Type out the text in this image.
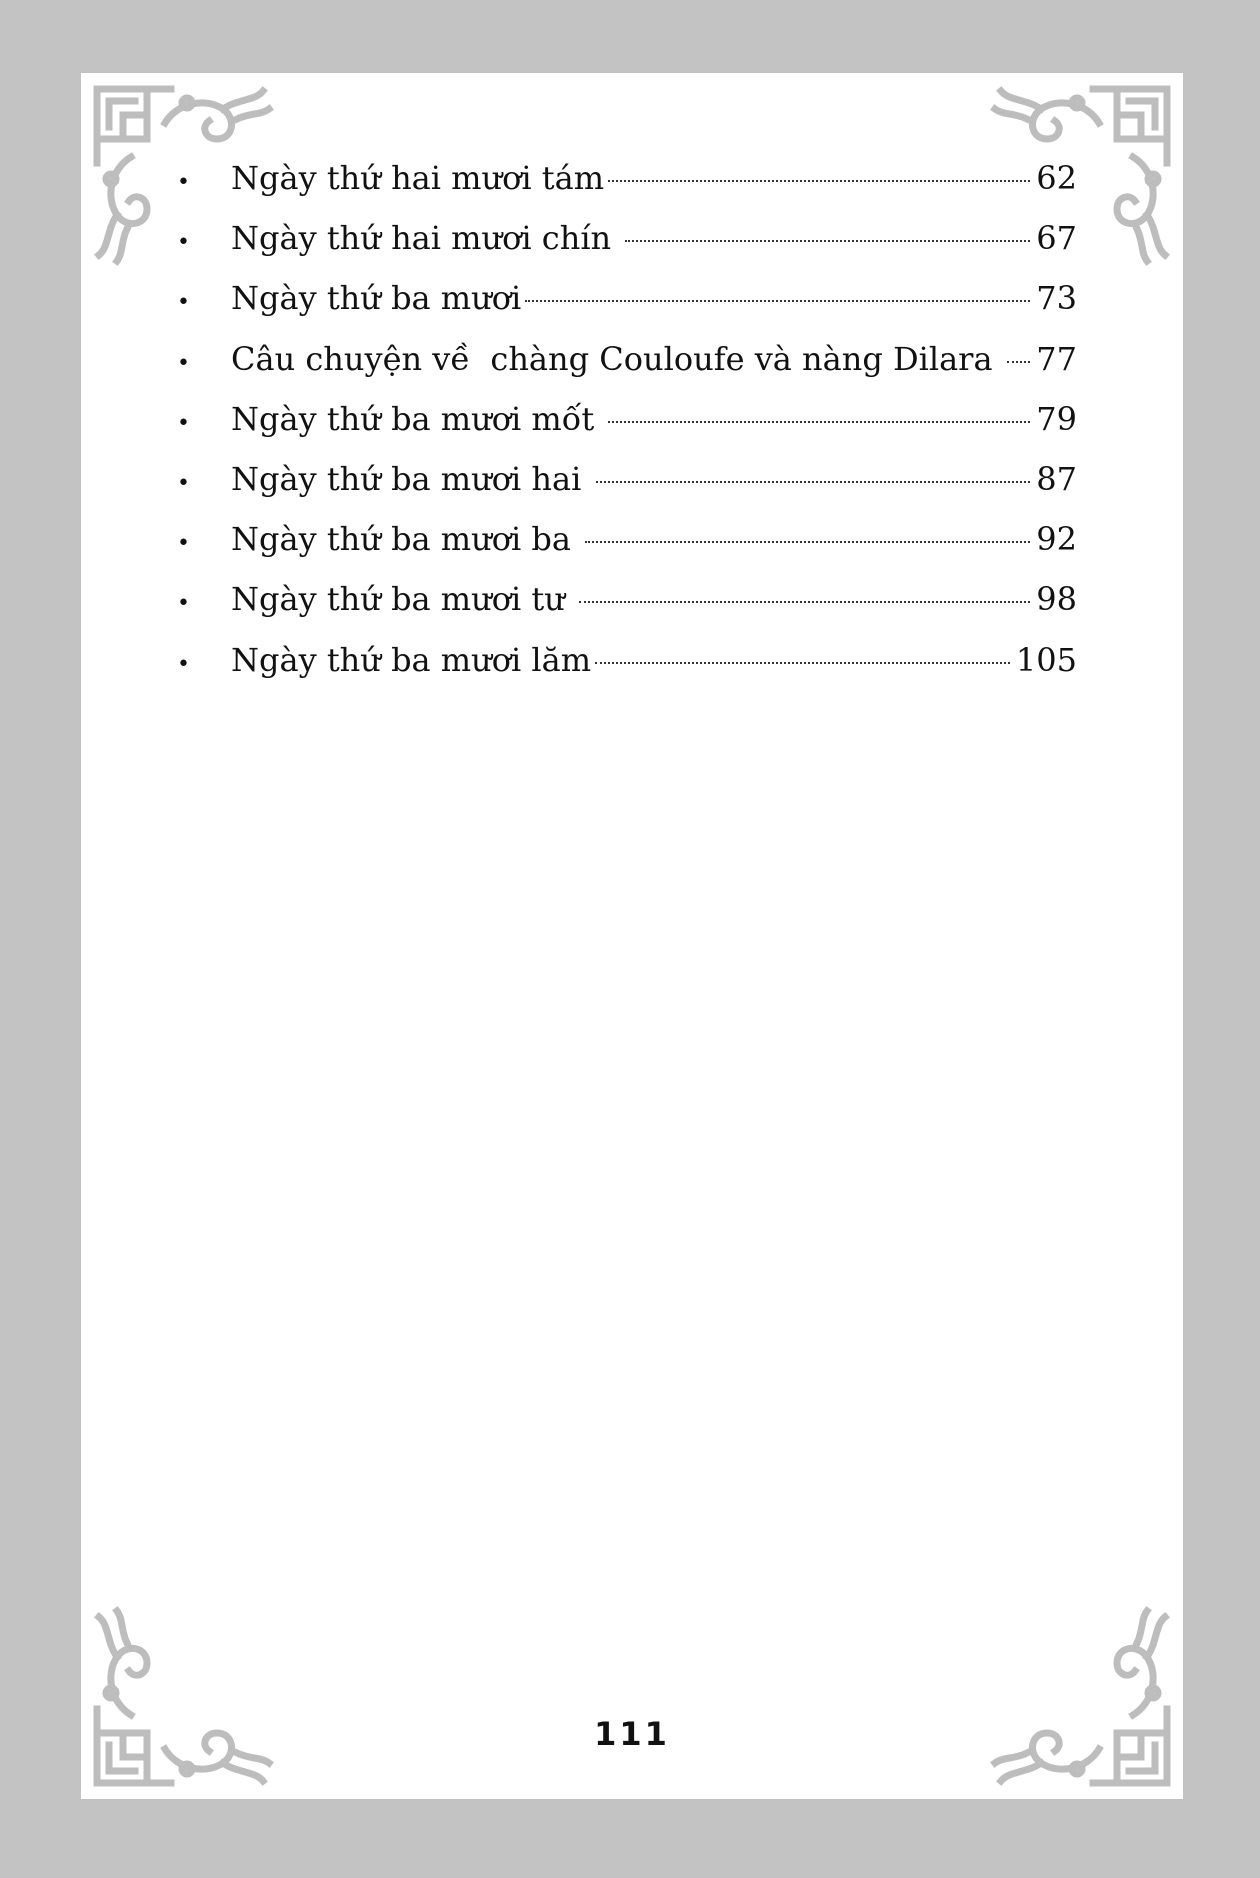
•	Ngày thứ hai mươi tám	62
•	Ngày thứ hai mươi chín	67
•	Ngày thứ ba mươi	73
•	Câu chuyện về  chàng Couloufe và nàng Dilara 77
•	Ngày thứ ba mươi mốt	79
•	Ngày thứ ba mươi hai	87
•	Ngày thứ ba mươi ba	92
•	Ngày thứ ba mươi tư	98
•	Ngày thứ ba mươi lăm	105
111
